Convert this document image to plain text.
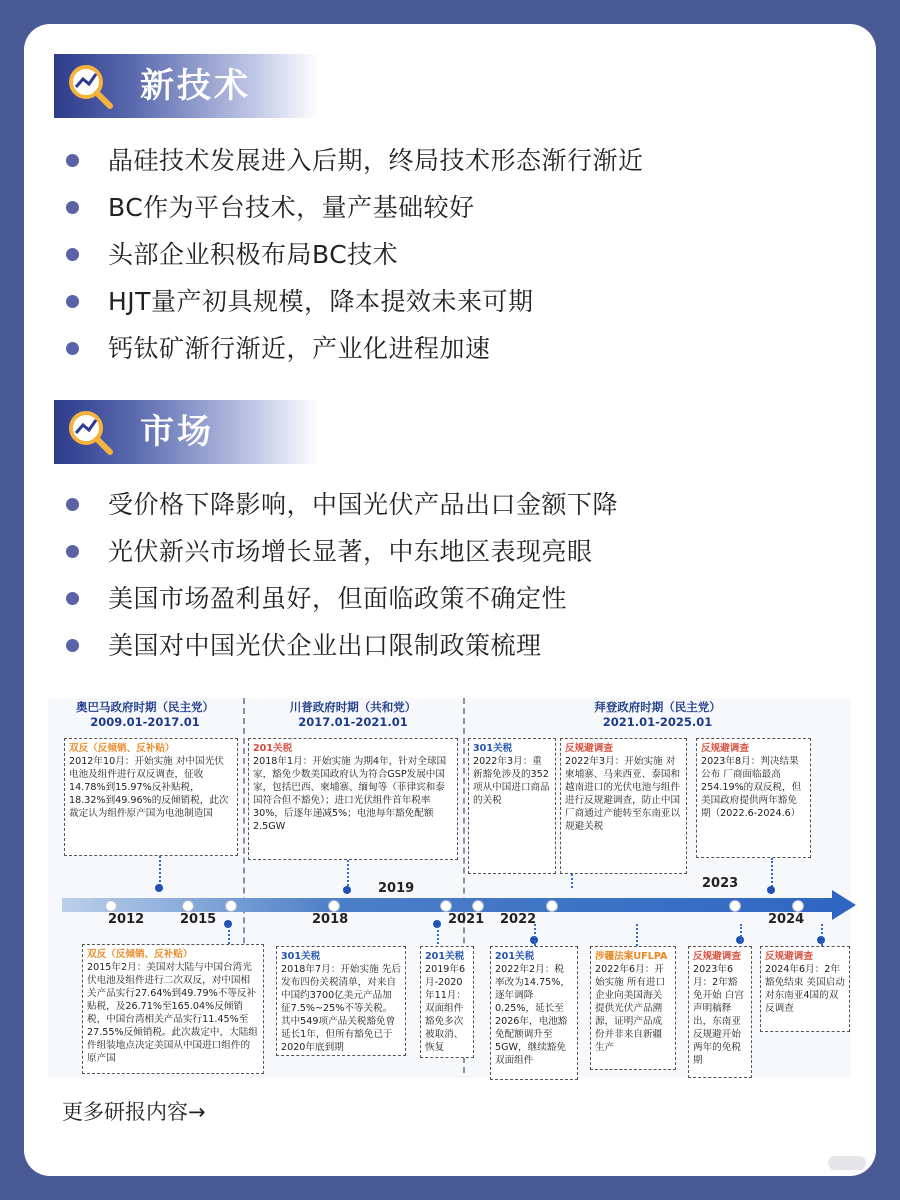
新技术
晶硅技术发展进入后期，终局技术形态渐行渐近
BC作为平台技术，量产基础较好
头部企业积极布局BC技术
HJT量产初具规模，降本提效未来可期
钙钛矿渐行渐近，产业化进程加速
市场
受价格下降影响，中国光伏产品出口金额下降
光伏新兴市场增长显著，中东地区表现亮眼
美国市场盈利虽好，但面临政策不确定性
美国对中国光伏企业出口限制政策梳理
奥巴马政府时期（民主党）
2009.01-2017.01
川普政府时期（共和党）
2017.01-2021.01
拜登政府时期（民主党）
2021.01-2025.01
双反（反倾销、反补贴）
2012年10月：开始实施 对中国光伏电池及组件进行双反调查，征收14.78%到15.97%反补贴税，18.32%到49.96%的反倾销税，此次裁定认为组件原产国为电池制造国
201关税
2018年1月：开始实施 为期4年，针对全球国家，豁免少数美国政府认为符合GSP发展中国家，包括巴西、柬埔寨、缅甸等（菲律宾和泰国符合但不豁免）；进口光伏组件首年税率30%，后逐年递减5%；电池每年豁免配额2.5GW
301关税
2022年3月：重新豁免涉及的352项从中国进口商品的关税
反规避调查
2022年3月：开始实施 对柬埔寨、马来西亚、泰国和越南进口的光伏电池与组件进行反规避调查，防止中国厂商通过产能转至东南亚以规避关税
反规避调查
2023年8月：判决结果公布 厂商面临最高254.19%的双反税，但美国政府提供两年豁免期（2022.6-2024.6）
2019	2023
2012	2015	2018	2021 2022	2024
双反（反倾销、反补贴）
2015年2月：美国对大陆与中国台湾光伏电池及组件进行二次双反，对中国相关产品实行27.64%到49.79%不等反补贴税，及26.71%至165.04%反倾销税，中国台湾相关产品实行11.45%至27.55%反倾销税。此次裁定中，大陆组件组装地点决定美国从中国进口组件的原产国
301关税
2018年7月：开始实施 先后发布四份关税清单，对来自中国约3700亿美元产品加征7.5%~25%不等关税。其中549项产品关税豁免曾延长1年，但所有豁免已于2020年底到期
201关税
2019年6月-2020年11月：双面组件豁免多次被取消、恢复
201关税
2022年2月：税率改为14.75%，逐年调降0.25%，延长至2026年，电池豁免配额调升至5GW，继续豁免双面组件
涉疆法案UFLPA
2022年6月：开始实施 所有进口企业向美国海关提供光伏产品溯源，证明产品成份并非来自新疆生产
反规避调查
2023年6月：2年豁免开始 白宫声明稿释出，东南亚反规避开始两年的免税期
反规避调查
2024年6月：2年豁免结束 美国启动对东南亚4国的双反调查
更多研报内容→
